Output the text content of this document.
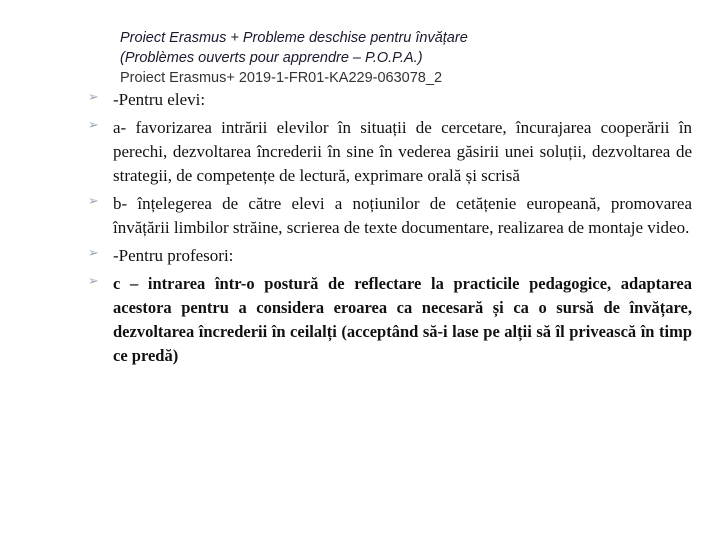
Proiect Erasmus + Probleme deschise pentru învățare
(Problèmes ouverts pour apprendre – P.O.P.A.)
Proiect Erasmus+ 2019-1-FR01-KA229-063078_2
➢ -Pentru elevi:
➢ a- favorizarea intrării elevilor în situații de cercetare, încurajarea cooperării în perechi, dezvoltarea încrederii în sine în vederea găsirii unei soluții, dezvoltarea de strategii, de competențe de lectură, exprimare orală și scrisă
➢ b- înțelegerea de către elevi a noțiunilor de cetățenie europeană, promovarea învățării limbilor străine, scrierea de texte documentare, realizarea de montaje video.
➢ -Pentru profesori:
➢ c – intrarea într-o postură de reflectare la practicile pedagogice, adaptarea acestora pentru a considera eroarea ca necesară și ca o sursă de învățare, dezvoltarea încrederii în ceilalți (acceptând să-i lase pe alții să îl privească în timp ce predă)
